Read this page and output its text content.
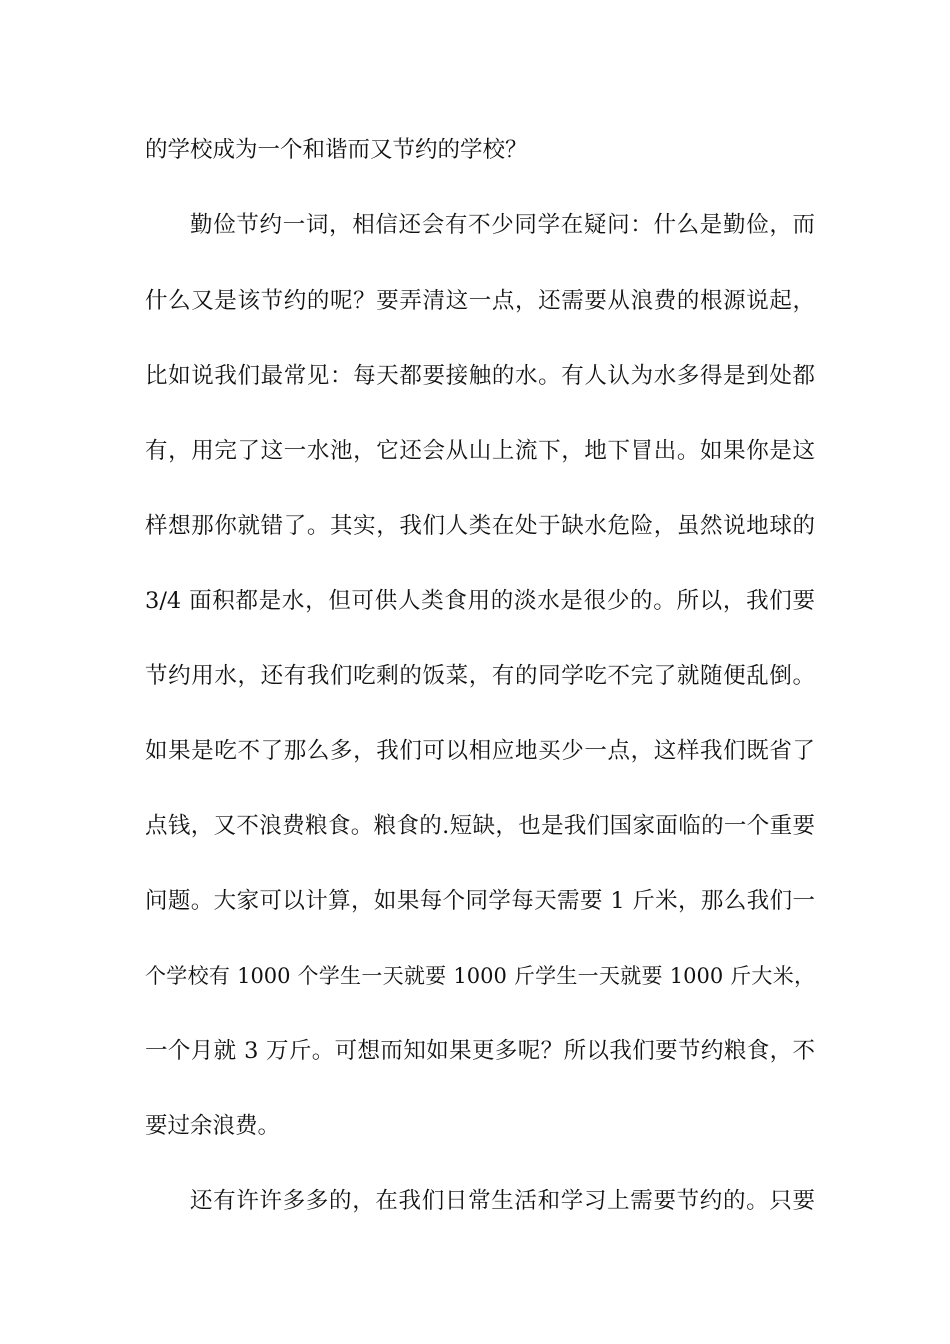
的学校成为一个和谐而又节约的学校？

勤俭节约一词，相信还会有不少同学在疑问：什么是勤俭，而

什么又是该节约的呢？要弄清这一点，还需要从浪费的根源说起，

比如说我们最常见：每天都要接触的水。有人认为水多得是到处都

有，用完了这一水池，它还会从山上流下，地下冒出。如果你是这

样想那你就错了。其实，我们人类在处于缺水危险，虽然说地球的

3/4 面积都是水，但可供人类食用的淡水是很少的。所以，我们要

节约用水，还有我们吃剩的饭菜，有的同学吃不完了就随便乱倒。

如果是吃不了那么多，我们可以相应地买少一点，这样我们既省了

点钱，又不浪费粮食。粮食的.短缺，也是我们国家面临的一个重要

问题。大家可以计算，如果每个同学每天需要 1 斤米，那么我们一

个学校有 1000 个学生一天就要 1000 斤学生一天就要 1000 斤大米，

一个月就 3 万斤。可想而知如果更多呢？所以我们要节约粮食，不

要过余浪费。

还有许许多多的，在我们日常生活和学习上需要节约的。只要
